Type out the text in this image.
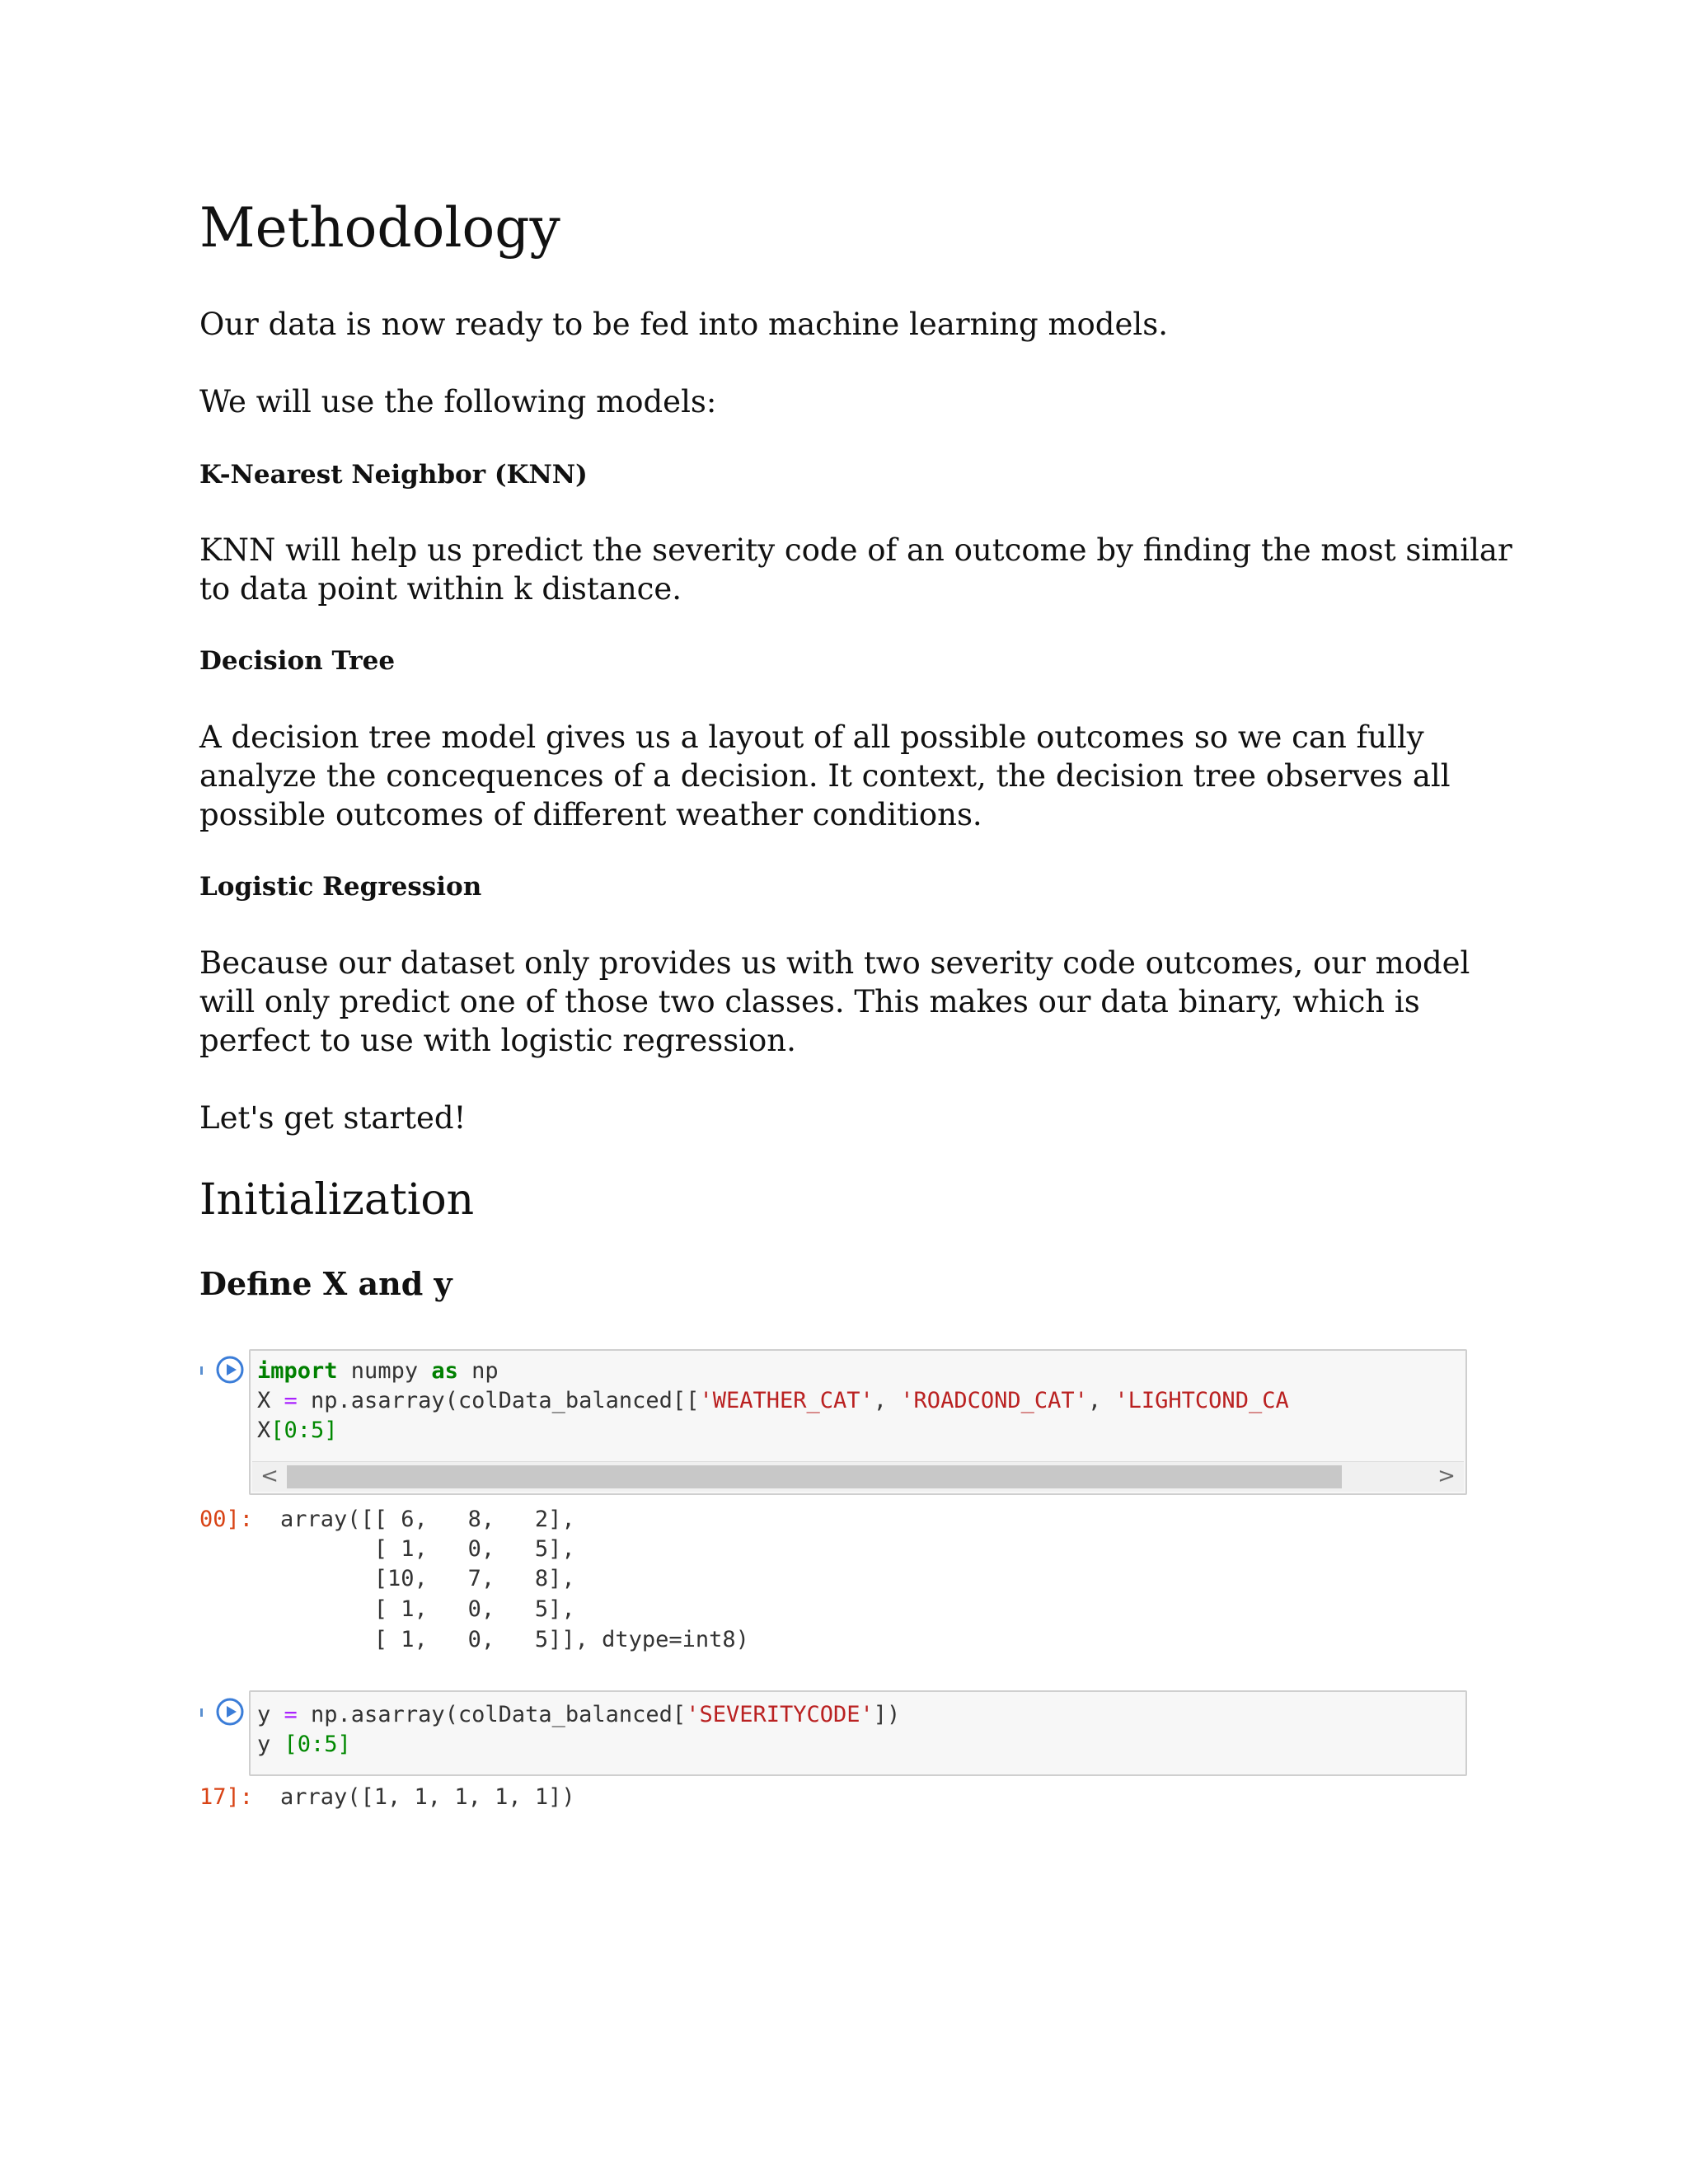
Methodology
Our data is now ready to be fed into machine learning models.
We will use the following models:
K-Nearest Neighbor (KNN)
KNN will help us predict the severity code of an outcome by finding the most similar to data point within k distance.
Decision Tree
A decision tree model gives us a layout of all possible outcomes so we can fully analyze the concequences of a decision. It context, the decision tree observes all possible outcomes of different weather conditions.
Logistic Regression
Because our dataset only provides us with two severity code outcomes, our model will only predict one of those two classes. This makes our data binary, which is perfect to use with logistic regression.
Let's get started!
Initialization
Define X and y
import numpy as np
X = np.asarray(colData_balanced[['WEATHER_CAT', 'ROADCOND_CAT', 'LIGHTCOND_CA
X[0:5]
<	>
00]: array([[ 6,   8,   2],
[ 1,   0,   5],
[10,   7,   8],
[ 1,   0,   5],
[ 1,   0,   5]], dtype=int8)
y = np.asarray(colData_balanced['SEVERITYCODE'])
y [0:5]
17]: array([1, 1, 1, 1, 1])
